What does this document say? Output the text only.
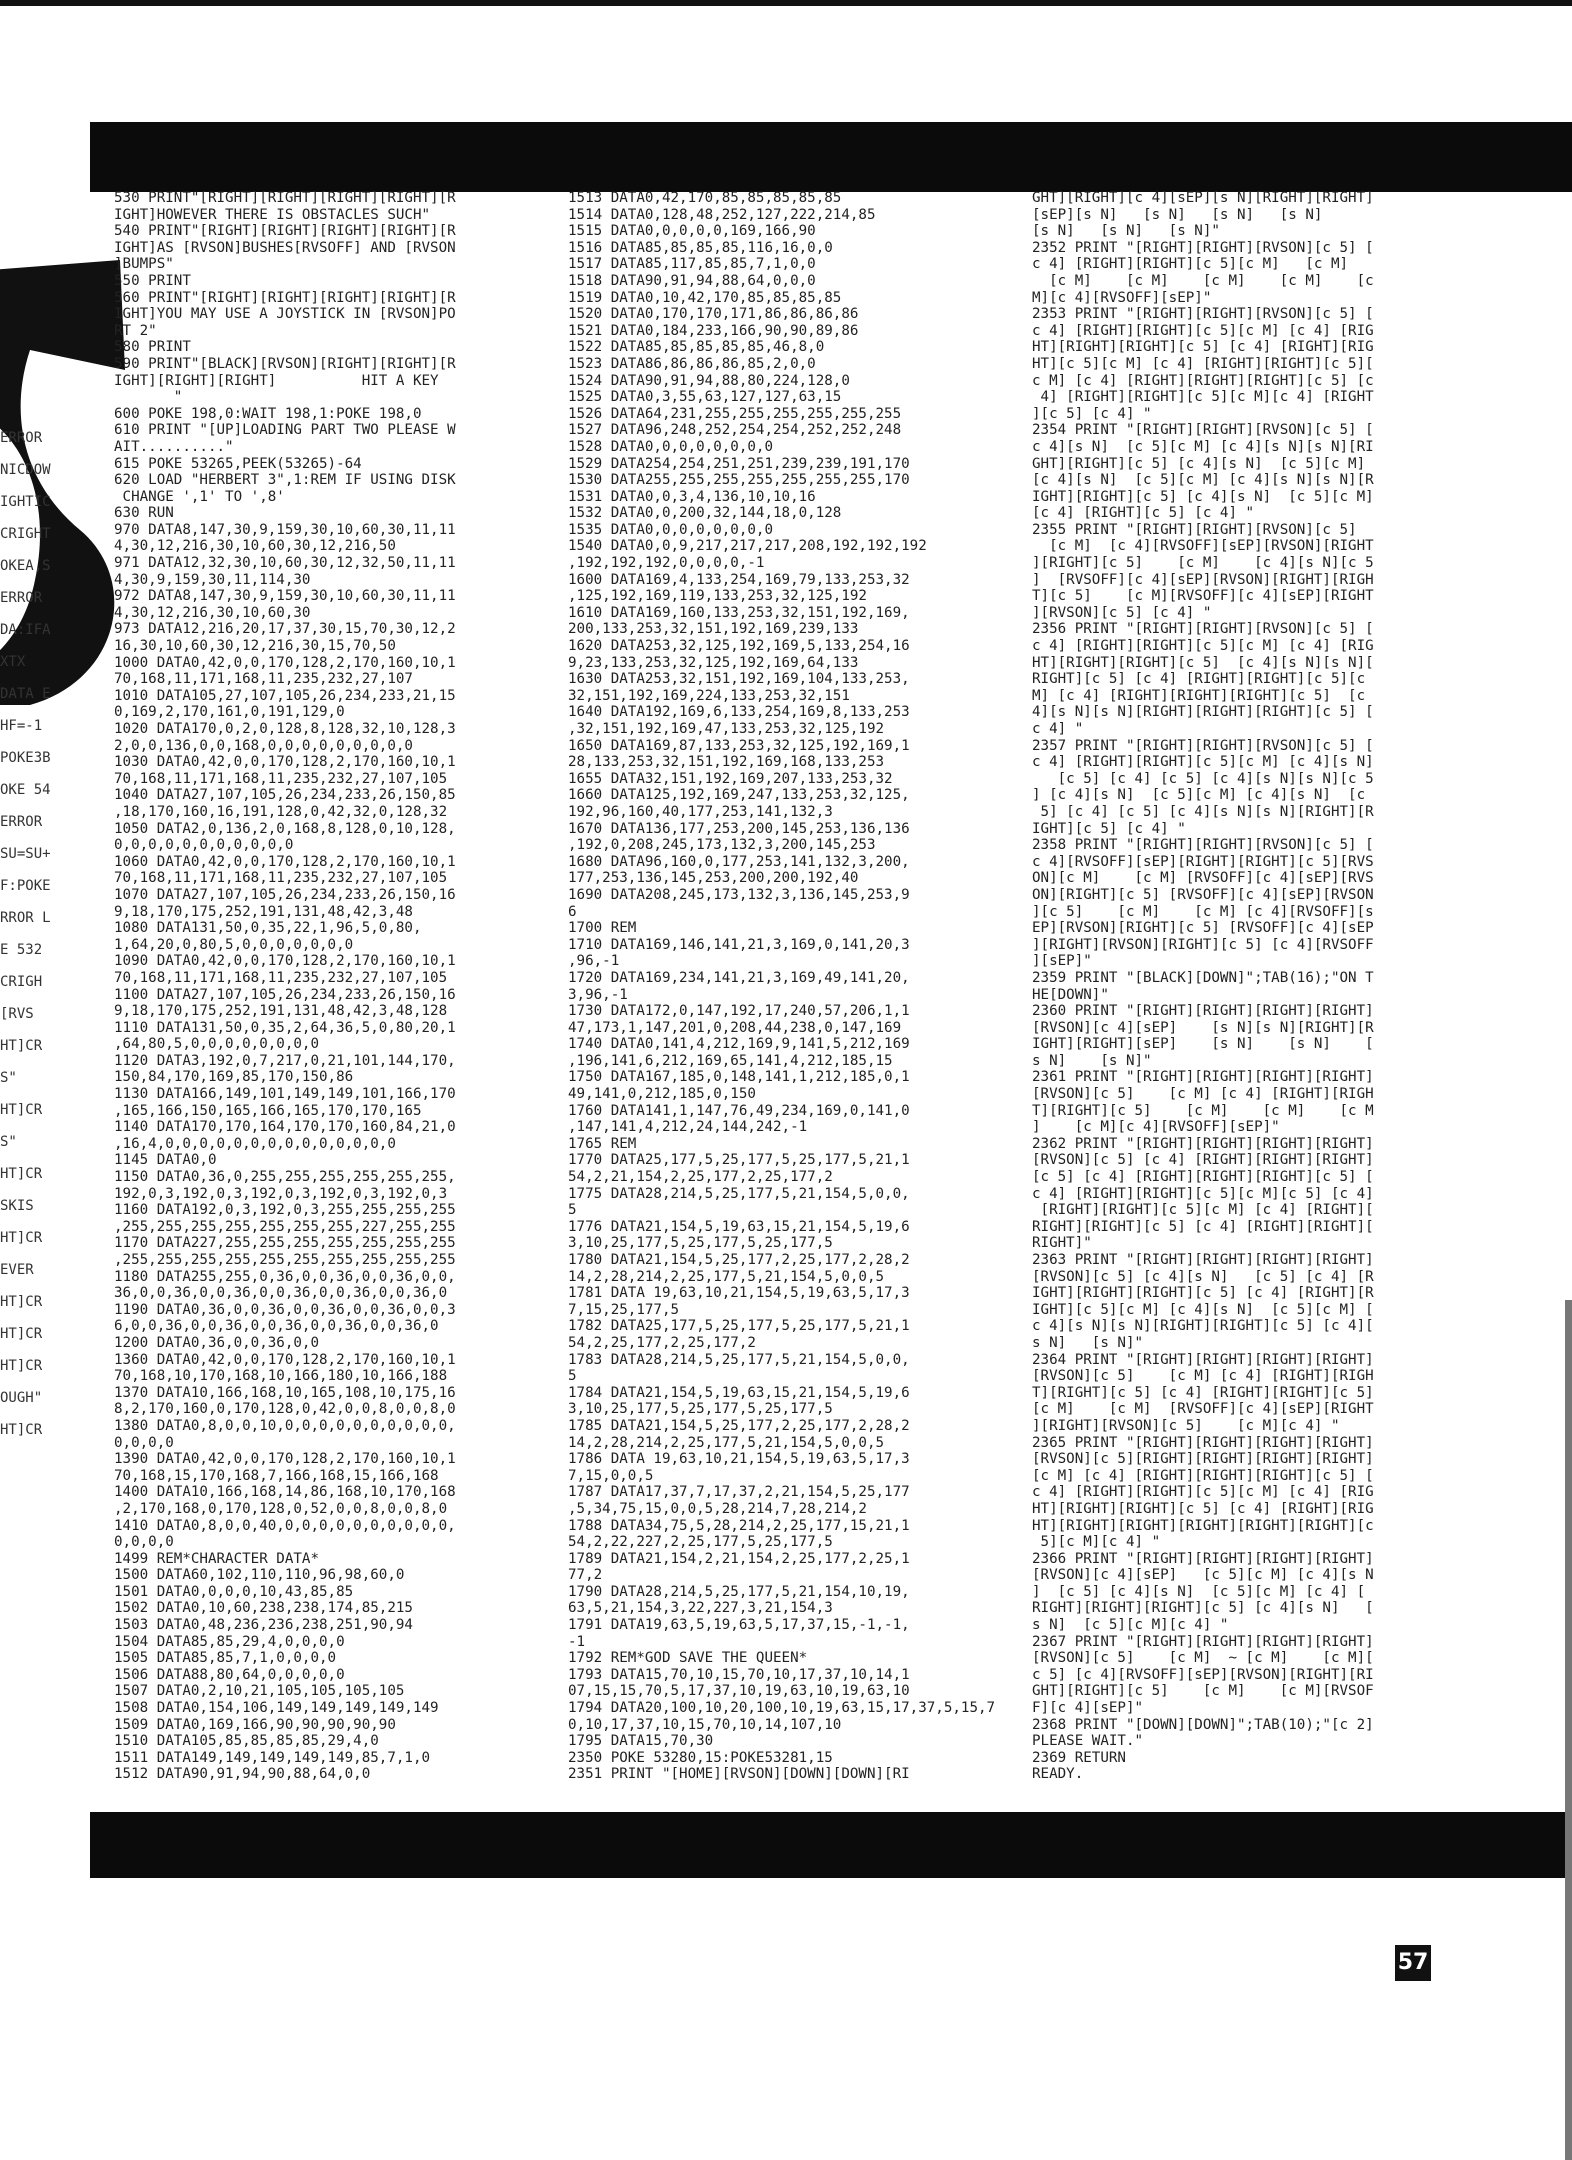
ERROR
NICDOW
IGHTIC
CRIGHT
OKEA,S
ERROR
DA:IFA
XTX
DATA E
HF=-1
POKE3B
OKE 54
ERROR
SU=SU+
F:POKE
RROR L
E 532
CRIGH
[RVS
HT]CR
S"
HT]CR
S"
HT]CR
SKIS
HT]CR
EVER
HT]CR
HT]CR
HT]CR
OUGH"
HT]CR
530 PRINT"[RIGHT][RIGHT][RIGHT][RIGHT][R
IGHT]HOWEVER THERE IS OBSTACLES SUCH"
540 PRINT"[RIGHT][RIGHT][RIGHT][RIGHT][R
IGHT]AS [RVSON]BUSHES[RVSOFF] AND [RVSON
]BUMPS"
550 PRINT
560 PRINT"[RIGHT][RIGHT][RIGHT][RIGHT][R
IGHT]YOU MAY USE A JOYSTICK IN [RVSON]PO
RT 2"
580 PRINT
590 PRINT"[BLACK][RVSON][RIGHT][RIGHT][R
IGHT][RIGHT][RIGHT]          HIT A KEY
"
600 POKE 198,0:WAIT 198,1:POKE 198,0
610 PRINT "[UP]LOADING PART TWO PLEASE W
AIT.........."
615 POKE 53265,PEEK(53265)-64
620 LOAD "HERBERT 3",1:REM IF USING DISK
CHANGE ',1' TO ',8'
630 RUN
970 DATA8,147,30,9,159,30,10,60,30,11,11
4,30,12,216,30,10,60,30,12,216,50
971 DATA12,32,30,10,60,30,12,32,50,11,11
4,30,9,159,30,11,114,30
972 DATA8,147,30,9,159,30,10,60,30,11,11
4,30,12,216,30,10,60,30
973 DATA12,216,20,17,37,30,15,70,30,12,2
16,30,10,60,30,12,216,30,15,70,50
1000 DATA0,42,0,0,170,128,2,170,160,10,1
70,168,11,171,168,11,235,232,27,107
1010 DATA105,27,107,105,26,234,233,21,15
0,169,2,170,161,0,191,129,0
1020 DATA170,0,2,0,128,8,128,32,10,128,3
2,0,0,136,0,0,168,0,0,0,0,0,0,0,0,0
1030 DATA0,42,0,0,170,128,2,170,160,10,1
70,168,11,171,168,11,235,232,27,107,105
1040 DATA27,107,105,26,234,233,26,150,85
,18,170,160,16,191,128,0,42,32,0,128,32
1050 DATA2,0,136,2,0,168,8,128,0,10,128,
0,0,0,0,0,0,0,0,0,0,0
1060 DATA0,42,0,0,170,128,2,170,160,10,1
70,168,11,171,168,11,235,232,27,107,105
1070 DATA27,107,105,26,234,233,26,150,16
9,18,170,175,252,191,131,48,42,3,48
1080 DATA131,50,0,35,22,1,96,5,0,80,
1,64,20,0,80,5,0,0,0,0,0,0,0
1090 DATA0,42,0,0,170,128,2,170,160,10,1
70,168,11,171,168,11,235,232,27,107,105
1100 DATA27,107,105,26,234,233,26,150,16
9,18,170,175,252,191,131,48,42,3,48,128
1110 DATA131,50,0,35,2,64,36,5,0,80,20,1
,64,80,5,0,0,0,0,0,0,0,0
1120 DATA3,192,0,7,217,0,21,101,144,170,
150,84,170,169,85,170,150,86
1130 DATA166,149,101,149,149,101,166,170
,165,166,150,165,166,165,170,170,165
1140 DATA170,170,164,170,170,160,84,21,0
,16,4,0,0,0,0,0,0,0,0,0,0,0,0,0,0
1145 DATA0,0
1150 DATA0,36,0,255,255,255,255,255,255,
192,0,3,192,0,3,192,0,3,192,0,3,192,0,3
1160 DATA192,0,3,192,0,3,255,255,255,255
,255,255,255,255,255,255,255,227,255,255
1170 DATA227,255,255,255,255,255,255,255
,255,255,255,255,255,255,255,255,255,255
1180 DATA255,255,0,36,0,0,36,0,0,36,0,0,
36,0,0,36,0,0,36,0,0,36,0,0,36,0,0,36,0
1190 DATA0,36,0,0,36,0,0,36,0,0,36,0,0,3
6,0,0,36,0,0,36,0,0,36,0,0,36,0,0,36,0
1200 DATA0,36,0,0,36,0,0
1360 DATA0,42,0,0,170,128,2,170,160,10,1
70,168,10,170,168,10,166,180,10,166,188
1370 DATA10,166,168,10,165,108,10,175,16
8,2,170,160,0,170,128,0,42,0,0,8,0,0,8,0
1380 DATA0,8,0,0,10,0,0,0,0,0,0,0,0,0,0,
0,0,0,0
1390 DATA0,42,0,0,170,128,2,170,160,10,1
70,168,15,170,168,7,166,168,15,166,168
1400 DATA10,166,168,14,86,168,10,170,168
,2,170,168,0,170,128,0,52,0,0,8,0,0,8,0
1410 DATA0,8,0,0,40,0,0,0,0,0,0,0,0,0,0,
0,0,0,0
1499 REM*CHARACTER DATA*
1500 DATA60,102,110,110,96,98,60,0
1501 DATA0,0,0,0,10,43,85,85
1502 DATA0,10,60,238,238,174,85,215
1503 DATA0,48,236,236,238,251,90,94
1504 DATA85,85,29,4,0,0,0,0
1505 DATA85,85,7,1,0,0,0,0
1506 DATA88,80,64,0,0,0,0,0
1507 DATA0,2,10,21,105,105,105,105
1508 DATA0,154,106,149,149,149,149,149
1509 DATA0,169,166,90,90,90,90,90
1510 DATA105,85,85,85,85,29,4,0
1511 DATA149,149,149,149,149,85,7,1,0
1512 DATA90,91,94,90,88,64,0,0
1513 DATA0,42,170,85,85,85,85,85
1514 DATA0,128,48,252,127,222,214,85
1515 DATA0,0,0,0,0,169,166,90
1516 DATA85,85,85,85,116,16,0,0
1517 DATA85,117,85,85,7,1,0,0
1518 DATA90,91,94,88,64,0,0,0
1519 DATA0,10,42,170,85,85,85,85
1520 DATA0,170,170,171,86,86,86,86
1521 DATA0,184,233,166,90,90,89,86
1522 DATA85,85,85,85,85,46,8,0
1523 DATA86,86,86,86,85,2,0,0
1524 DATA90,91,94,88,80,224,128,0
1525 DATA0,3,55,63,127,127,63,15
1526 DATA64,231,255,255,255,255,255,255
1527 DATA96,248,252,254,254,252,252,248
1528 DATA0,0,0,0,0,0,0,0
1529 DATA254,254,251,251,239,239,191,170
1530 DATA255,255,255,255,255,255,255,170
1531 DATA0,0,3,4,136,10,10,16
1532 DATA0,0,200,32,144,18,0,128
1535 DATA0,0,0,0,0,0,0,0
1540 DATA0,0,9,217,217,217,208,192,192,192
,192,192,192,0,0,0,0,-1
1600 DATA169,4,133,254,169,79,133,253,32
,125,192,169,119,133,253,32,125,192
1610 DATA169,160,133,253,32,151,192,169,
200,133,253,32,151,192,169,239,133
1620 DATA253,32,125,192,169,5,133,254,16
9,23,133,253,32,125,192,169,64,133
1630 DATA253,32,151,192,169,104,133,253,
32,151,192,169,224,133,253,32,151
1640 DATA192,169,6,133,254,169,8,133,253
,32,151,192,169,47,133,253,32,125,192
1650 DATA169,87,133,253,32,125,192,169,1
28,133,253,32,151,192,169,168,133,253
1655 DATA32,151,192,169,207,133,253,32
1660 DATA125,192,169,247,133,253,32,125,
192,96,160,40,177,253,141,132,3
1670 DATA136,177,253,200,145,253,136,136
,192,0,208,245,173,132,3,200,145,253
1680 DATA96,160,0,177,253,141,132,3,200,
177,253,136,145,253,200,200,192,40
1690 DATA208,245,173,132,3,136,145,253,9
6
1700 REM
1710 DATA169,146,141,21,3,169,0,141,20,3
,96,-1
1720 DATA169,234,141,21,3,169,49,141,20,
3,96,-1
1730 DATA172,0,147,192,17,240,57,206,1,1
47,173,1,147,201,0,208,44,238,0,147,169
1740 DATA0,141,4,212,169,9,141,5,212,169
,196,141,6,212,169,65,141,4,212,185,15
1750 DATA167,185,0,148,141,1,212,185,0,1
49,141,0,212,185,0,150
1760 DATA141,1,147,76,49,234,169,0,141,0
,147,141,4,212,24,144,242,-1
1765 REM
1770 DATA25,177,5,25,177,5,25,177,5,21,1
54,2,21,154,2,25,177,2,25,177,2
1775 DATA28,214,5,25,177,5,21,154,5,0,0,
5
1776 DATA21,154,5,19,63,15,21,154,5,19,6
3,10,25,177,5,25,177,5,25,177,5
1780 DATA21,154,5,25,177,2,25,177,2,28,2
14,2,28,214,2,25,177,5,21,154,5,0,0,5
1781 DATA 19,63,10,21,154,5,19,63,5,17,3
7,15,25,177,5
1782 DATA25,177,5,25,177,5,25,177,5,21,1
54,2,25,177,2,25,177,2
1783 DATA28,214,5,25,177,5,21,154,5,0,0,
5
1784 DATA21,154,5,19,63,15,21,154,5,19,6
3,10,25,177,5,25,177,5,25,177,5
1785 DATA21,154,5,25,177,2,25,177,2,28,2
14,2,28,214,2,25,177,5,21,154,5,0,0,5
1786 DATA 19,63,10,21,154,5,19,63,5,17,3
7,15,0,0,5
1787 DATA17,37,7,17,37,2,21,154,5,25,177
,5,34,75,15,0,0,5,28,214,7,28,214,2
1788 DATA34,75,5,28,214,2,25,177,15,21,1
54,2,22,227,2,25,177,5,25,177,5
1789 DATA21,154,2,21,154,2,25,177,2,25,1
77,2
1790 DATA28,214,5,25,177,5,21,154,10,19,
63,5,21,154,3,22,227,3,21,154,3
1791 DATA19,63,5,19,63,5,17,37,15,-1,-1,
-1
1792 REM*GOD SAVE THE QUEEN*
1793 DATA15,70,10,15,70,10,17,37,10,14,1
07,15,15,70,5,17,37,10,19,63,10,19,63,10
1794 DATA20,100,10,20,100,10,19,63,15,17,37,5,15,7
0,10,17,37,10,15,70,10,14,107,10
1795 DATA15,70,30
2350 POKE 53280,15:POKE53281,15
2351 PRINT "[HOME][RVSON][DOWN][DOWN][RI
GHT][RIGHT][c 4][sEP][s N][RIGHT][RIGHT]
[sEP][s N]   [s N]   [s N]   [s N]
[s N]   [s N]   [s N]"
2352 PRINT "[RIGHT][RIGHT][RVSON][c 5] [
c 4] [RIGHT][RIGHT][c 5][c M]   [c M]
[c M]    [c M]    [c M]    [c M]    [c
M][c 4][RVSOFF][sEP]"
2353 PRINT "[RIGHT][RIGHT][RVSON][c 5] [
c 4] [RIGHT][RIGHT][c 5][c M] [c 4] [RIG
HT][RIGHT][RIGHT][c 5] [c 4] [RIGHT][RIG
HT][c 5][c M] [c 4] [RIGHT][RIGHT][c 5][
c M] [c 4] [RIGHT][RIGHT][RIGHT][c 5] [c
4] [RIGHT][RIGHT][c 5][c M][c 4] [RIGHT
][c 5] [c 4] "
2354 PRINT "[RIGHT][RIGHT][RVSON][c 5] [
c 4][s N]  [c 5][c M] [c 4][s N][s N][RI
GHT][RIGHT][c 5] [c 4][s N]  [c 5][c M]
[c 4][s N]  [c 5][c M] [c 4][s N][s N][R
IGHT][RIGHT][c 5] [c 4][s N]  [c 5][c M]
[c 4] [RIGHT][c 5] [c 4] "
2355 PRINT "[RIGHT][RIGHT][RVSON][c 5]
[c M]  [c 4][RVSOFF][sEP][RVSON][RIGHT
][RIGHT][c 5]    [c M]    [c 4][s N][c 5
]  [RVSOFF][c 4][sEP][RVSON][RIGHT][RIGH
T][c 5]    [c M][RVSOFF][c 4][sEP][RIGHT
][RVSON][c 5] [c 4] "
2356 PRINT "[RIGHT][RIGHT][RVSON][c 5] [
c 4] [RIGHT][RIGHT][c 5][c M] [c 4] [RIG
HT][RIGHT][RIGHT][c 5]  [c 4][s N][s N][
RIGHT][c 5] [c 4] [RIGHT][RIGHT][c 5][c
M] [c 4] [RIGHT][RIGHT][RIGHT][c 5]  [c
4][s N][s N][RIGHT][RIGHT][RIGHT][c 5] [
c 4] "
2357 PRINT "[RIGHT][RIGHT][RVSON][c 5] [
c 4] [RIGHT][RIGHT][c 5][c M] [c 4][s N]
[c 5] [c 4] [c 5] [c 4][s N][s N][c 5
] [c 4][s N]  [c 5][c M] [c 4][s N]  [c
5] [c 4] [c 5] [c 4][s N][s N][RIGHT][R
IGHT][c 5] [c 4] "
2358 PRINT "[RIGHT][RIGHT][RVSON][c 5] [
c 4][RVSOFF][sEP][RIGHT][RIGHT][c 5][RVS
ON][c M]    [c M] [RVSOFF][c 4][sEP][RVS
ON][RIGHT][c 5] [RVSOFF][c 4][sEP][RVSON
][c 5]    [c M]    [c M] [c 4][RVSOFF][s
EP][RVSON][RIGHT][c 5] [RVSOFF][c 4][sEP
][RIGHT][RVSON][RIGHT][c 5] [c 4][RVSOFF
][sEP]"
2359 PRINT "[BLACK][DOWN]";TAB(16);"ON T
HE[DOWN]"
2360 PRINT "[RIGHT][RIGHT][RIGHT][RIGHT]
[RVSON][c 4][sEP]    [s N][s N][RIGHT][R
IGHT][RIGHT][sEP]    [s N]    [s N]    [
s N]    [s N]"
2361 PRINT "[RIGHT][RIGHT][RIGHT][RIGHT]
[RVSON][c 5]    [c M] [c 4] [RIGHT][RIGH
T][RIGHT][c 5]    [c M]    [c M]    [c M
]    [c M][c 4][RVSOFF][sEP]"
2362 PRINT "[RIGHT][RIGHT][RIGHT][RIGHT]
[RVSON][c 5] [c 4] [RIGHT][RIGHT][RIGHT]
[c 5] [c 4] [RIGHT][RIGHT][RIGHT][c 5] [
c 4] [RIGHT][RIGHT][c 5][c M][c 5] [c 4]
[RIGHT][RIGHT][c 5][c M] [c 4] [RIGHT][
RIGHT][RIGHT][c 5] [c 4] [RIGHT][RIGHT][
RIGHT]"
2363 PRINT "[RIGHT][RIGHT][RIGHT][RIGHT]
[RVSON][c 5] [c 4][s N]   [c 5] [c 4] [R
IGHT][RIGHT][RIGHT][c 5] [c 4] [RIGHT][R
IGHT][c 5][c M] [c 4][s N]  [c 5][c M] [
c 4][s N][s N][RIGHT][RIGHT][c 5] [c 4][
s N]   [s N]"
2364 PRINT "[RIGHT][RIGHT][RIGHT][RIGHT]
[RVSON][c 5]    [c M] [c 4] [RIGHT][RIGH
T][RIGHT][c 5] [c 4] [RIGHT][RIGHT][c 5]
[c M]    [c M]  [RVSOFF][c 4][sEP][RIGHT
][RIGHT][RVSON][c 5]    [c M][c 4] "
2365 PRINT "[RIGHT][RIGHT][RIGHT][RIGHT]
[RVSON][c 5][RIGHT][RIGHT][RIGHT][RIGHT]
[c M] [c 4] [RIGHT][RIGHT][RIGHT][c 5] [
c 4] [RIGHT][RIGHT][c 5][c M] [c 4] [RIG
HT][RIGHT][RIGHT][c 5] [c 4] [RIGHT][RIG
HT][RIGHT][RIGHT][RIGHT][RIGHT][RIGHT][c
5][c M][c 4] "
2366 PRINT "[RIGHT][RIGHT][RIGHT][RIGHT]
[RVSON][c 4][sEP]   [c 5][c M] [c 4][s N
]  [c 5] [c 4][s N]  [c 5][c M] [c 4] [
RIGHT][RIGHT][RIGHT][c 5] [c 4][s N]   [
s N]  [c 5][c M][c 4] "
2367 PRINT "[RIGHT][RIGHT][RIGHT][RIGHT]
[RVSON][c 5]    [c M]  ~ [c M]    [c M][
c 5] [c 4][RVSOFF][sEP][RVSON][RIGHT][RI
GHT][RIGHT][c 5]    [c M]    [c M][RVSOF
F][c 4][sEP]"
2368 PRINT "[DOWN][DOWN]";TAB(10);"[c 2]
PLEASE WAIT."
2369 RETURN
READY.
57
